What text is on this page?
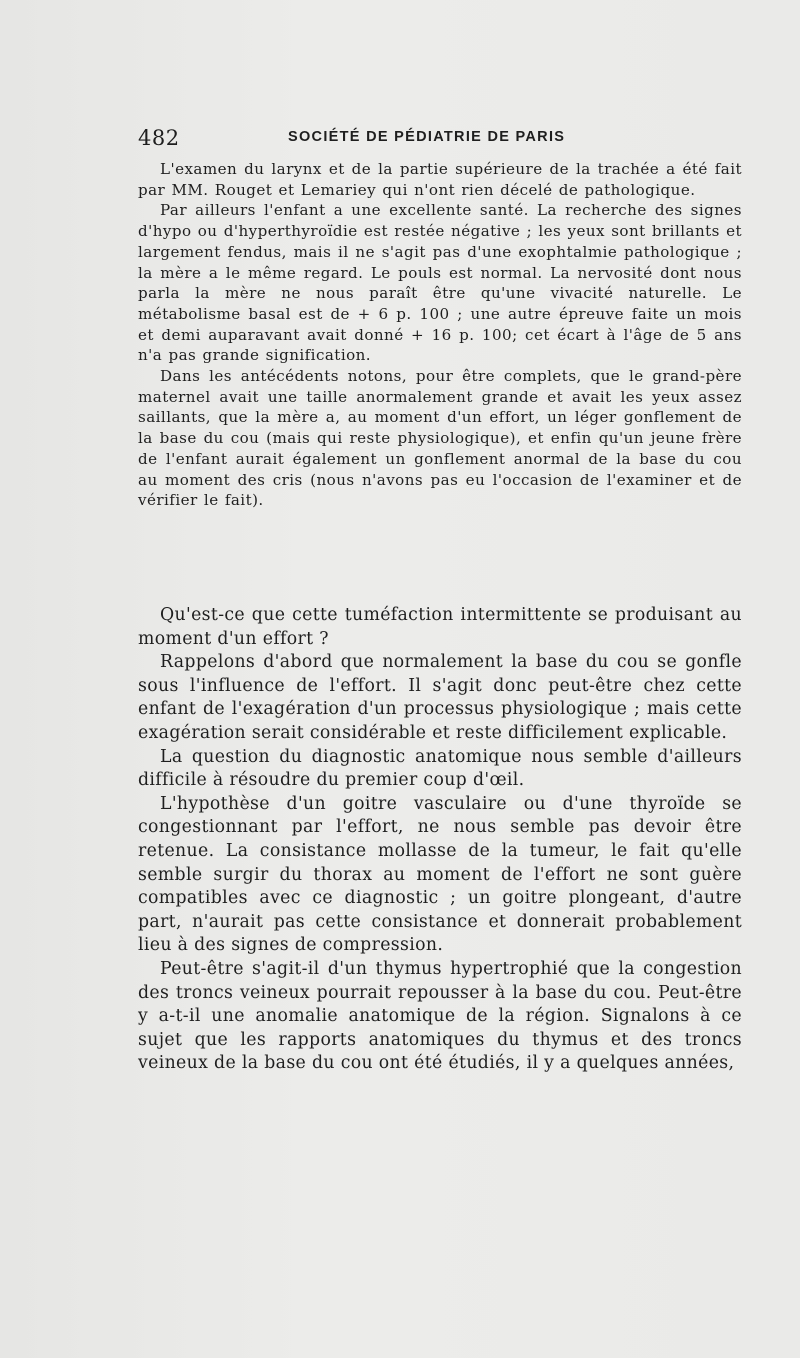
482	SOCIÉTÉ DE PÉDIATRIE DE PARIS

L'examen du larynx et de la partie supérieure de la trachée a été fait par MM. Rouget et Lemariey qui n'ont rien décelé de pathologique.

Par ailleurs l'enfant a une excellente santé. La recherche des signes d'hypo ou d'hyperthyroïdie est restée négative ; les yeux sont brillants et largement fendus, mais il ne s'agit pas d'une exophtalmie pathologique ; la mère a le même regard. Le pouls est normal. La nervosité dont nous parla la mère ne nous paraît être qu'une vivacité naturelle. Le métabolisme basal est de + 6 p. 100 ; une autre épreuve faite un mois et demi auparavant avait donné + 16 p. 100; cet écart à l'âge de 5 ans n'a pas grande signification.

Dans les antécédents notons, pour être complets, que le grand-père maternel avait une taille anormalement grande et avait les yeux assez saillants, que la mère a, au moment d'un effort, un léger gonflement de la base du cou (mais qui reste physiologique), et enfin qu'un jeune frère de l'enfant aurait également un gonflement anormal de la base du cou au moment des cris (nous n'avons pas eu l'occasion de l'examiner et de vérifier le fait).

Qu'est-ce que cette tuméfaction intermittente se produisant au moment d'un effort ?

Rappelons d'abord que normalement la base du cou se gonfle sous l'influence de l'effort. Il s'agit donc peut-être chez cette enfant de l'exagération d'un processus physiologique ; mais cette exagération serait considérable et reste difficilement explicable.

La question du diagnostic anatomique nous semble d'ailleurs difficile à résoudre du premier coup d'œil.

L'hypothèse d'un goitre vasculaire ou d'une thyroïde se congestionnant par l'effort, ne nous semble pas devoir être retenue. La consistance mollasse de la tumeur, le fait qu'elle semble surgir du thorax au moment de l'effort ne sont guère compatibles avec ce diagnostic ; un goitre plongeant, d'autre part, n'aurait pas cette consistance et donnerait probablement lieu à des signes de compression.

Peut-être s'agit-il d'un thymus hypertrophié que la congestion des troncs veineux pourrait repousser à la base du cou. Peut-être y a-t-il une anomalie anatomique de la région. Signalons à ce sujet que les rapports anatomiques du thymus et des troncs veineux de la base du cou ont été étudiés, il y a quelques années,
